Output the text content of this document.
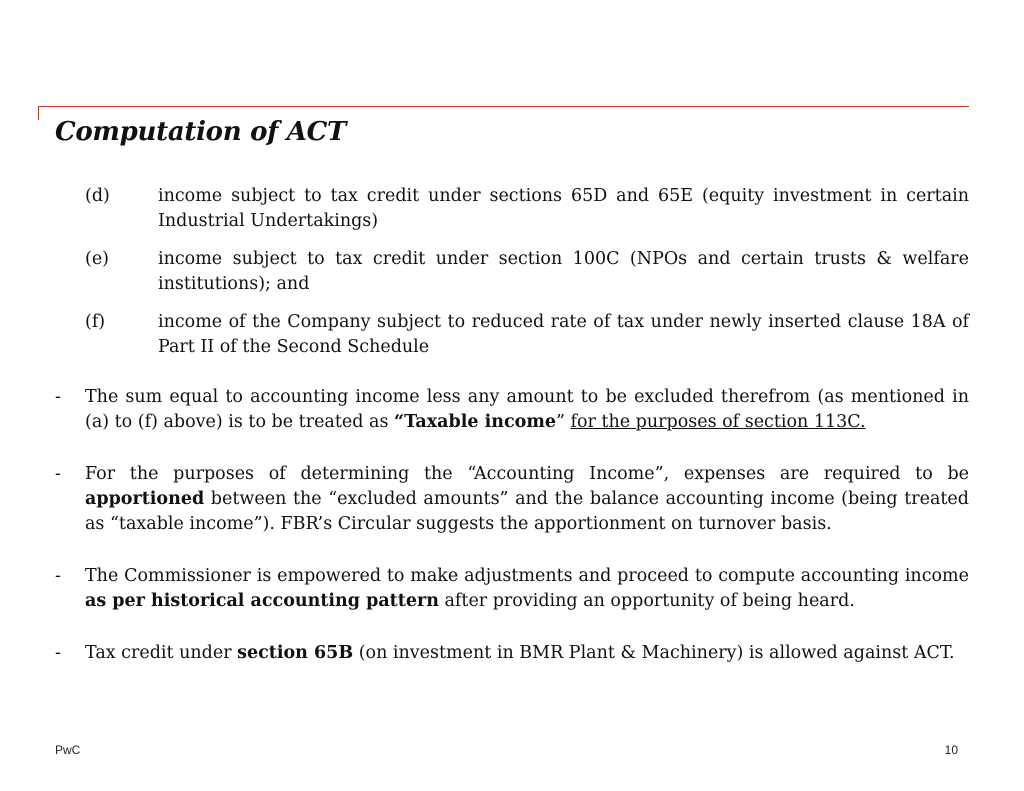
Computation of ACT
(d)	income subject to tax credit under sections 65D and 65E (equity investment in certain Industrial Undertakings)
(e)	income subject to tax credit under section 100C (NPOs and certain trusts & welfare institutions); and
(f)	income of the Company subject to reduced rate of tax under newly inserted clause 18A of Part II of the Second Schedule
-	The sum equal to accounting income less any amount to be excluded therefrom (as mentioned in (a) to (f) above) is to be treated as “Taxable income” for the purposes of section 113C.
-	For the purposes of determining the “Accounting Income”, expenses are required to be apportioned between the “excluded amounts” and the balance accounting income (being treated as “taxable income”). FBR’s Circular suggests the apportionment on turnover basis.
-	The Commissioner is empowered to make adjustments and proceed to compute accounting income as per historical accounting pattern after providing an opportunity of being heard.
-	Tax credit under section 65B (on investment in BMR Plant & Machinery) is allowed against ACT.
PwC	10
